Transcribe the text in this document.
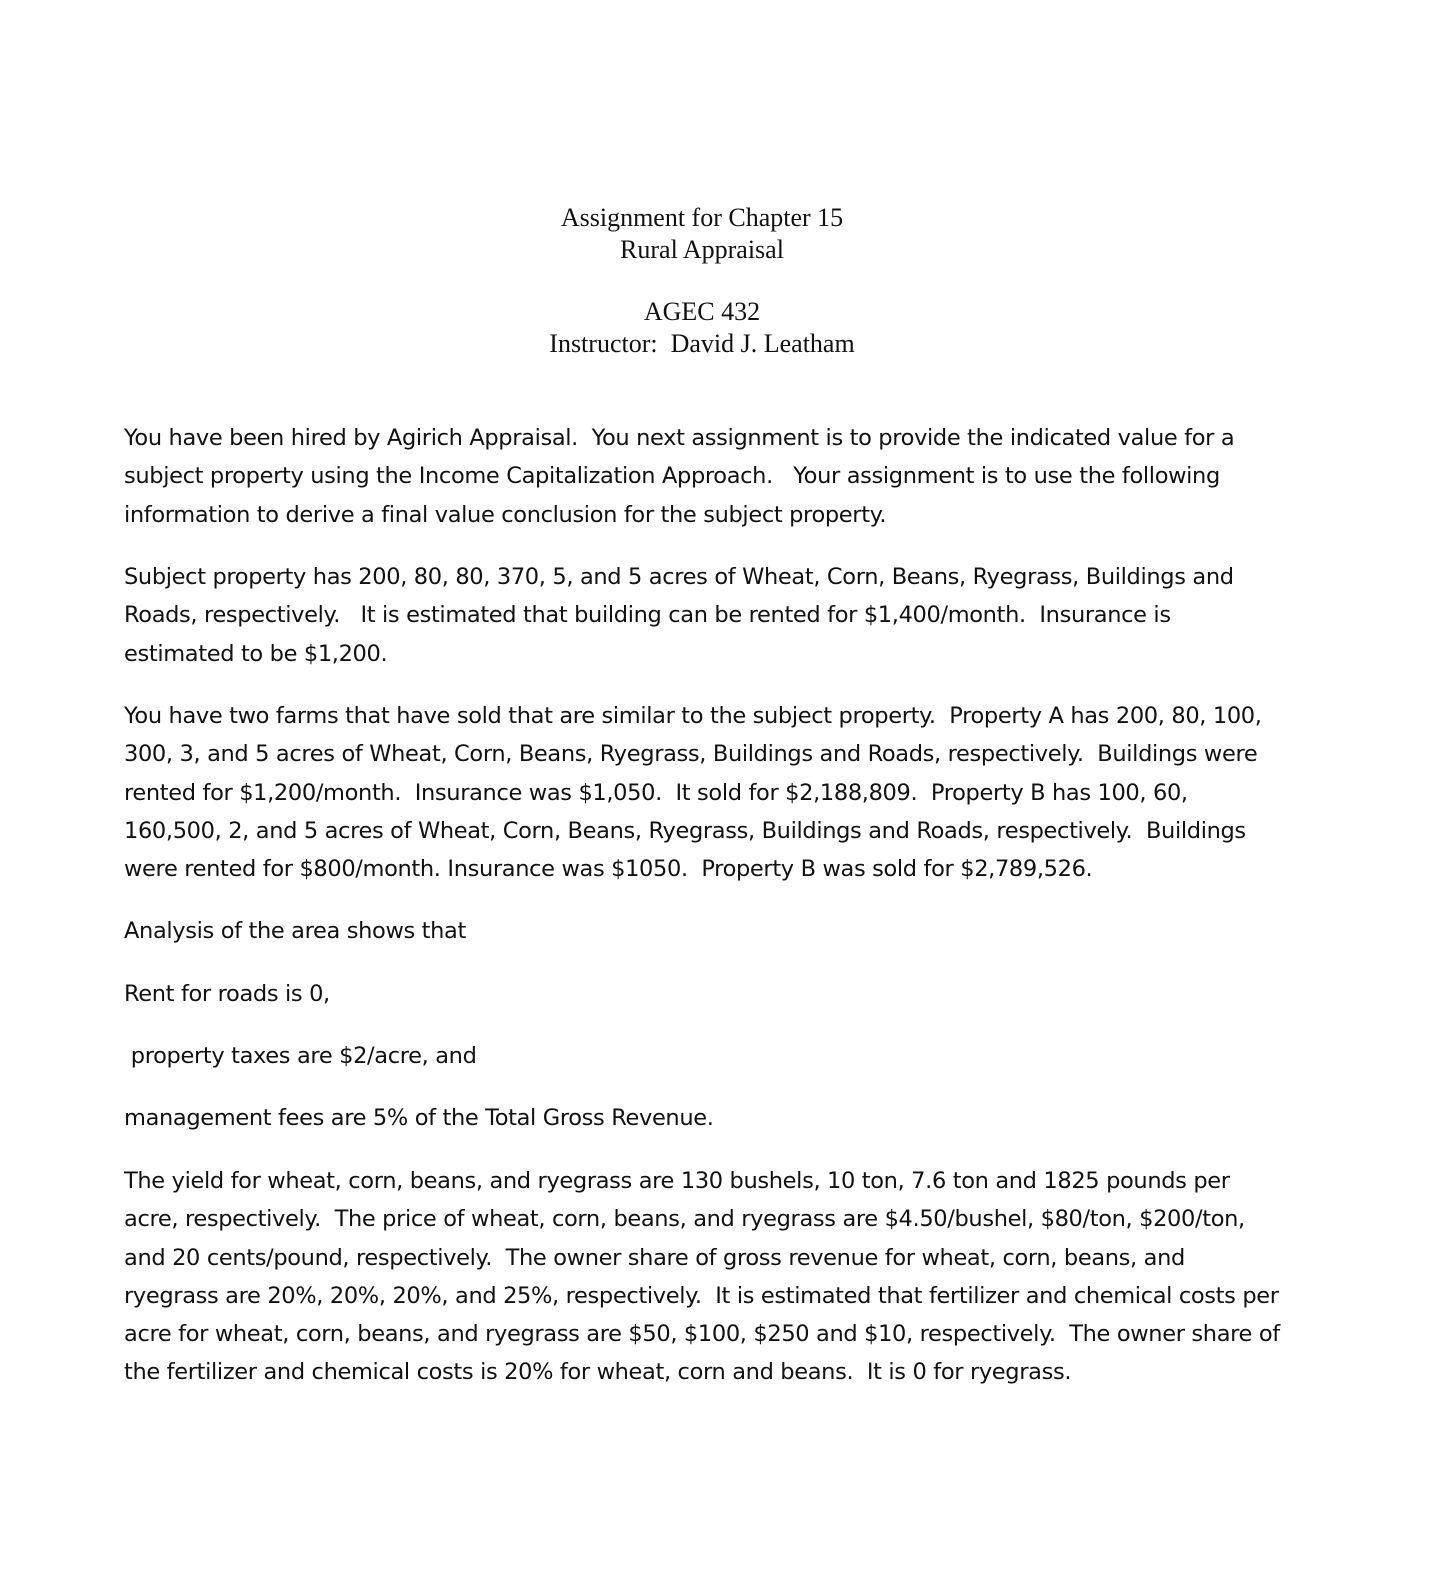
Assignment for Chapter 15
Rural Appraisal
AGEC 432
Instructor:  David J. Leatham

You have been hired by Agirich Appraisal.  You next assignment is to provide the indicated value for a
subject property using the Income Capitalization Approach.   Your assignment is to use the following
information to derive a final value conclusion for the subject property.

Subject property has 200, 80, 80, 370, 5, and 5 acres of Wheat, Corn, Beans, Ryegrass, Buildings and
Roads, respectively.   It is estimated that building can be rented for $1,400/month.  Insurance is
estimated to be $1,200.

You have two farms that have sold that are similar to the subject property.  Property A has 200, 80, 100,
300, 3, and 5 acres of Wheat, Corn, Beans, Ryegrass, Buildings and Roads, respectively.  Buildings were
rented for $1,200/month.  Insurance was $1,050.  It sold for $2,188,809.  Property B has 100, 60,
160,500, 2, and 5 acres of Wheat, Corn, Beans, Ryegrass, Buildings and Roads, respectively.  Buildings
were rented for $800/month. Insurance was $1050.  Property B was sold for $2,789,526.

Analysis of the area shows that

Rent for roads is 0,

property taxes are $2/acre, and

management fees are 5% of the Total Gross Revenue.

The yield for wheat, corn, beans, and ryegrass are 130 bushels, 10 ton, 7.6 ton and 1825 pounds per
acre, respectively.  The price of wheat, corn, beans, and ryegrass are $4.50/bushel, $80/ton, $200/ton,
and 20 cents/pound, respectively.  The owner share of gross revenue for wheat, corn, beans, and
ryegrass are 20%, 20%, 20%, and 25%, respectively.  It is estimated that fertilizer and chemical costs per
acre for wheat, corn, beans, and ryegrass are $50, $100, $250 and $10, respectively.  The owner share of
the fertilizer and chemical costs is 20% for wheat, corn and beans.  It is 0 for ryegrass.
